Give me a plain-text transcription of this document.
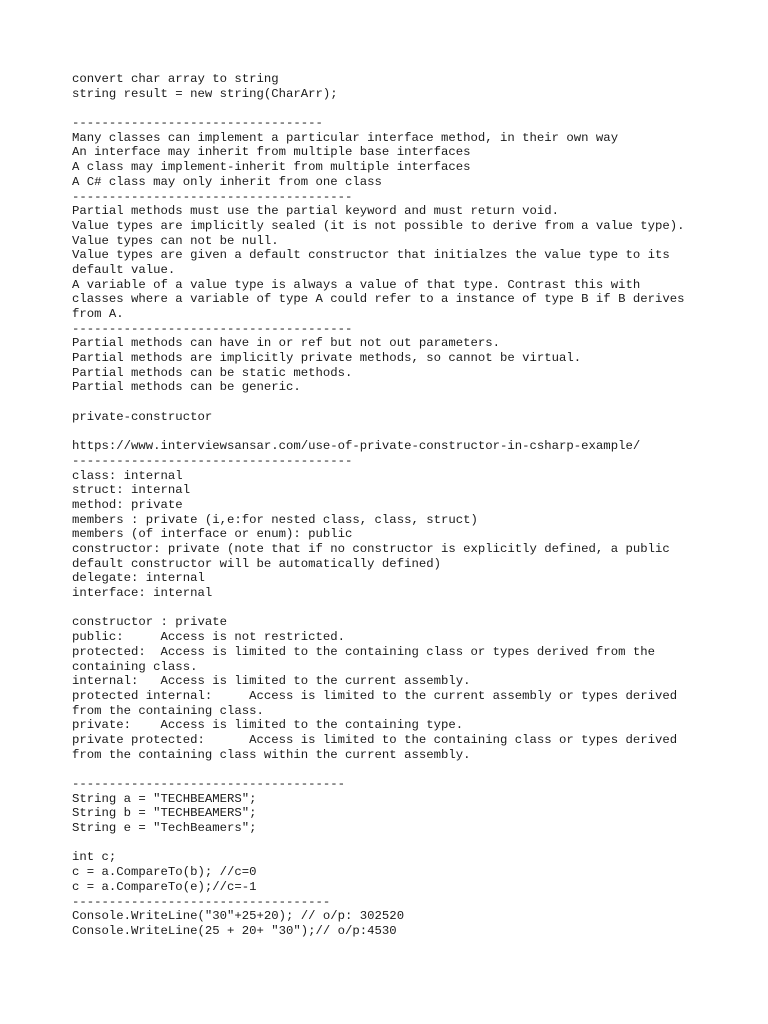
convert char array to string
string result = new string(CharArr);
----------------------------------
Many classes can implement a particular interface method, in their own way
An interface may inherit from multiple base interfaces
A class may implement-inherit from multiple interfaces
A C# class may only inherit from one class
--------------------------------------
Partial methods must use the partial keyword and must return void.
Value types are implicitly sealed (it is not possible to derive from a value type).
Value types can not be null.
Value types are given a default constructor that initialzes the value type to its
default value.
A variable of a value type is always a value of that type. Contrast this with
classes where a variable of type A could refer to a instance of type B if B derives
from A.
--------------------------------------
Partial methods can have in or ref but not out parameters.
Partial methods are implicitly private methods, so cannot be virtual.
Partial methods can be static methods.
Partial methods can be generic.
private-constructor
https://www.interviewsansar.com/use-of-private-constructor-in-csharp-example/
--------------------------------------
class: internal
struct: internal
method: private
members : private (i,e:for nested class, class, struct)
members (of interface or enum): public
constructor: private (note that if no constructor is explicitly defined, a public
default constructor will be automatically defined)
delegate: internal
interface: internal
constructor : private
public:     Access is not restricted.
protected:  Access is limited to the containing class or types derived from the
containing class.
internal:   Access is limited to the current assembly.
protected internal:     Access is limited to the current assembly or types derived
from the containing class.
private:    Access is limited to the containing type.
private protected:      Access is limited to the containing class or types derived
from the containing class within the current assembly.
-------------------------------------
String a = "TECHBEAMERS";
String b = "TECHBEAMERS";
String e = "TechBeamers";
int c;
c = a.CompareTo(b); //c=0
c = a.CompareTo(e);//c=-1
-----------------------------------
Console.WriteLine("30"+25+20); // o/p: 302520
Console.WriteLine(25 + 20+ "30");// o/p:4530
